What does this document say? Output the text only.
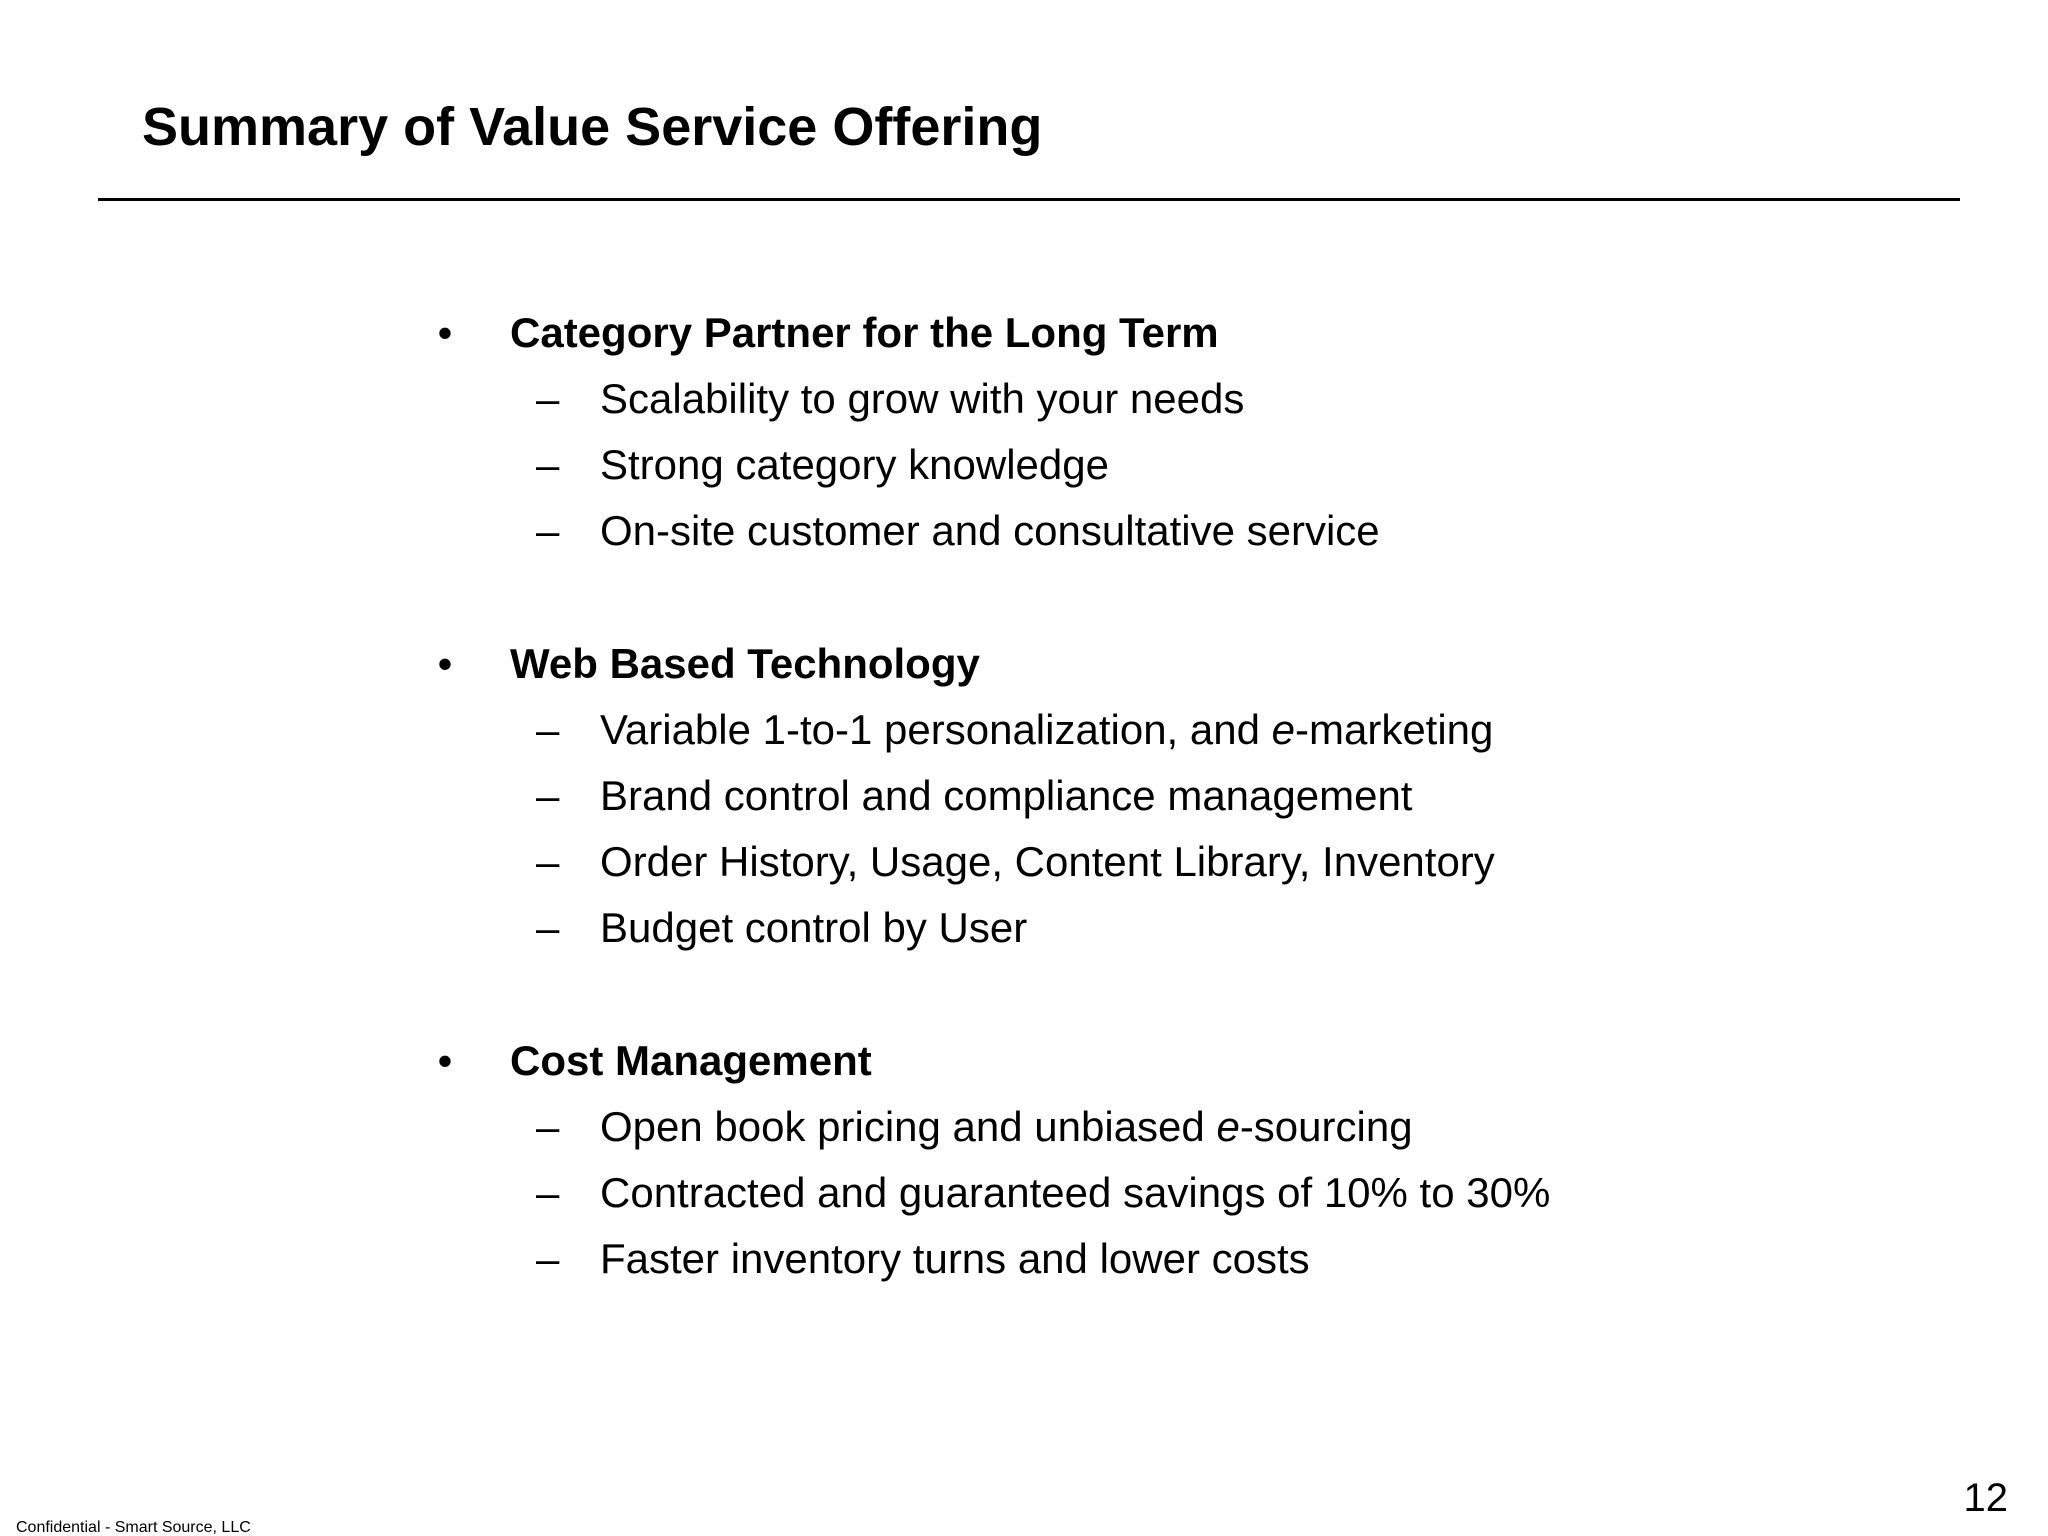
Summary of Value Service Offering
• Category Partner for the Long Term
– Scalability to grow with your needs
– Strong category knowledge
– On-site customer and consultative service
• Web Based Technology
– Variable 1-to-1 personalization, and e-marketing
– Brand control and compliance management
– Order History, Usage, Content Library, Inventory
– Budget control by User
• Cost Management
– Open book pricing and unbiased e-sourcing
– Contracted and guaranteed savings of 10% to 30%
– Faster inventory turns and lower costs
Confidential - Smart Source, LLC
12
